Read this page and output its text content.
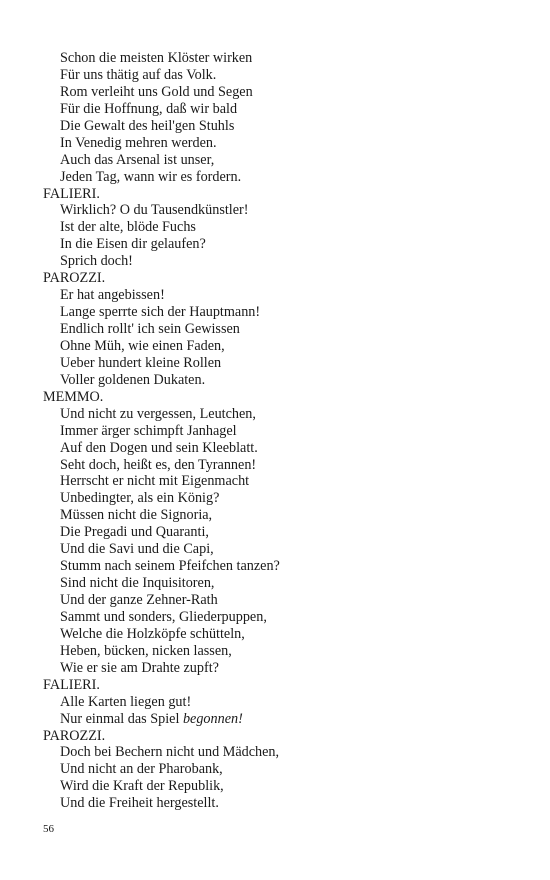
Schon die meisten Klöster wirken
Für uns thätig auf das Volk.
Rom verleiht uns Gold und Segen
Für die Hoffnung, daß wir bald
Die Gewalt des heil'gen Stuhls
In Venedig mehren werden.
Auch das Arsenal ist unser,
Jeden Tag, wann wir es fordern.
FALIERI.
Wirklich? O du Tausendkünstler!
Ist der alte, blöde Fuchs
In die Eisen dir gelaufen?
Sprich doch!
PAROZZI.
Er hat angebissen!
Lange sperrte sich der Hauptmann!
Endlich rollt' ich sein Gewissen
Ohne Müh, wie einen Faden,
Ueber hundert kleine Rollen
Voller goldenen Dukaten.
MEMMO.
Und nicht zu vergessen, Leutchen,
Immer ärger schimpft Janhagel
Auf den Dogen und sein Kleeblatt.
Seht doch, heißt es, den Tyrannen!
Herrscht er nicht mit Eigenmacht
Unbedingter, als ein König?
Müssen nicht die Signoria,
Die Pregadi und Quaranti,
Und die Savi und die Capi,
Stumm nach seinem Pfeifchen tanzen?
Sind nicht die Inquisitoren,
Und der ganze Zehner-Rath
Sammt und sonders, Gliederpuppen,
Welche die Holzköpfe schütteln,
Heben, bücken, nicken lassen,
Wie er sie am Drahte zupft?
FALIERI.
Alle Karten liegen gut!
Nur einmal das Spiel begonnen!
PAROZZI.
Doch bei Bechern nicht und Mädchen,
Und nicht an der Pharobank,
Wird die Kraft der Republik,
Und die Freiheit hergestellt.
56
